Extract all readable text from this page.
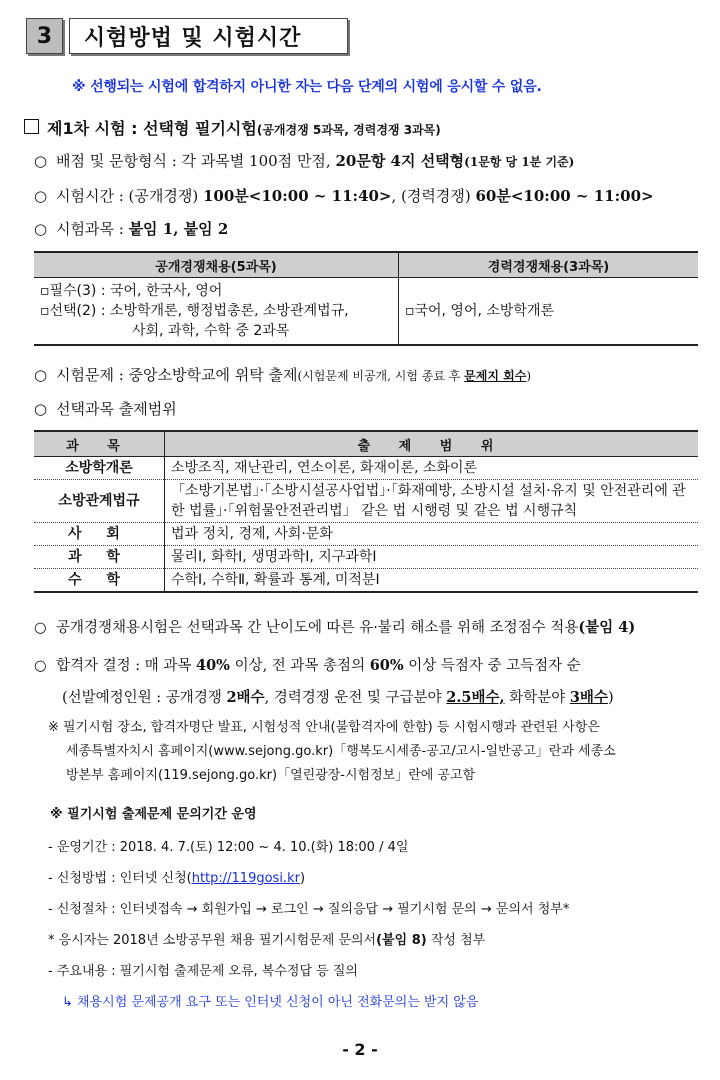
3	시험방법 및 시험시간
※ 선행되는 시험에 합격하지 아니한 자는 다음 단계의 시험에 응시할 수 없음.
제1차 시험 : 선택형 필기시험 (공개경쟁 5과목, 경력경쟁 3과목)
○ 배점 및 문항형식 : 각 과목별 100점 만점, 20문항 4지 선택형(1문항 당 1분 기준)
○ 시험시간 : (공개경쟁) 100분<10:00 ~ 11:40>, (경력경쟁) 60분<10:00 ~ 11:00>
○ 시험과목 : 붙임 1, 붙임 2
공개경쟁채용(5과목)	경력경쟁채용(3과목)

▫필수(3) : 국어, 한국사, 영어
▫선택(2) : 소방학개론, 행정법총론, 소방관계법규,
사회, 과학, 수학 중 2과목	▫국어, 영어, 소방학개론
○ 시험문제 : 중앙소방학교에 위탁 출제(시험문제 비공개, 시험 종료 후 문제지 회수)
○ 선택과목 출제범위
과 목	출 제 범 위
소방학개론	소방조직, 재난관리, 연소이론, 화재이론, 소화이론
소방관계법규	「소방기본법」·「소방시설공사업법」·「화재예방, 소방시설 설치·유지 및 안전관리에 관한 법률」·「위험물안전관리법」 같은 법 시행령 및 같은 법 시행규칙
사 회	법과 정치, 경제, 사회·문화
과 학	물리Ⅰ, 화학Ⅰ, 생명과학Ⅰ, 지구과학Ⅰ
수 학	수학Ⅰ, 수학Ⅱ, 확률과 통계, 미적분Ⅰ
○ 공개경쟁채용시험은 선택과목 간 난이도에 따른 유·불리 해소를 위해 조정점수 적용(붙임 4)
○ 합격자 결정 : 매 과목 40% 이상, 전 과목 총점의 60% 이상 득점자 중 고득점자 순
(선발예정인원 : 공개경쟁 2배수, 경력경쟁 운전 및 구급분야 2.5배수, 화학분야 3배수)
※ 필기시험 장소, 합격자명단 발표, 시험성적 안내(불합격자에 한함) 등 시험시행과 관련된 사항은
세종특별자치시 홈페이지(www.sejong.go.kr)「행복도시세종-공고/고시-일반공고」란과 세종소
방본부 홈페이지(119.sejong.go.kr)「열린광장-시험정보」란에 공고함
※ 필기시험 출제문제 문의기간 운영
- 운영기간 : 2018. 4. 7.(토) 12:00 ~ 4. 10.(화) 18:00 / 4일
- 신청방법 : 인터넷 신청(http://119gosi.kr)
- 신청절차 : 인터넷접속 → 회원가입 → 로그인 → 질의응답 → 필기시험 문의 → 문의서 청부*
* 응시자는 2018년 소방공무원 채용 필기시험문제 문의서(붙임 8) 작성 첨부
- 주요내용 : 필기시험 출제문제 오류, 복수정답 등 질의
↳ 채용시험 문제공개 요구 또는 인터넷 신청이 아닌 전화문의는 받지 않음
- 2 -
